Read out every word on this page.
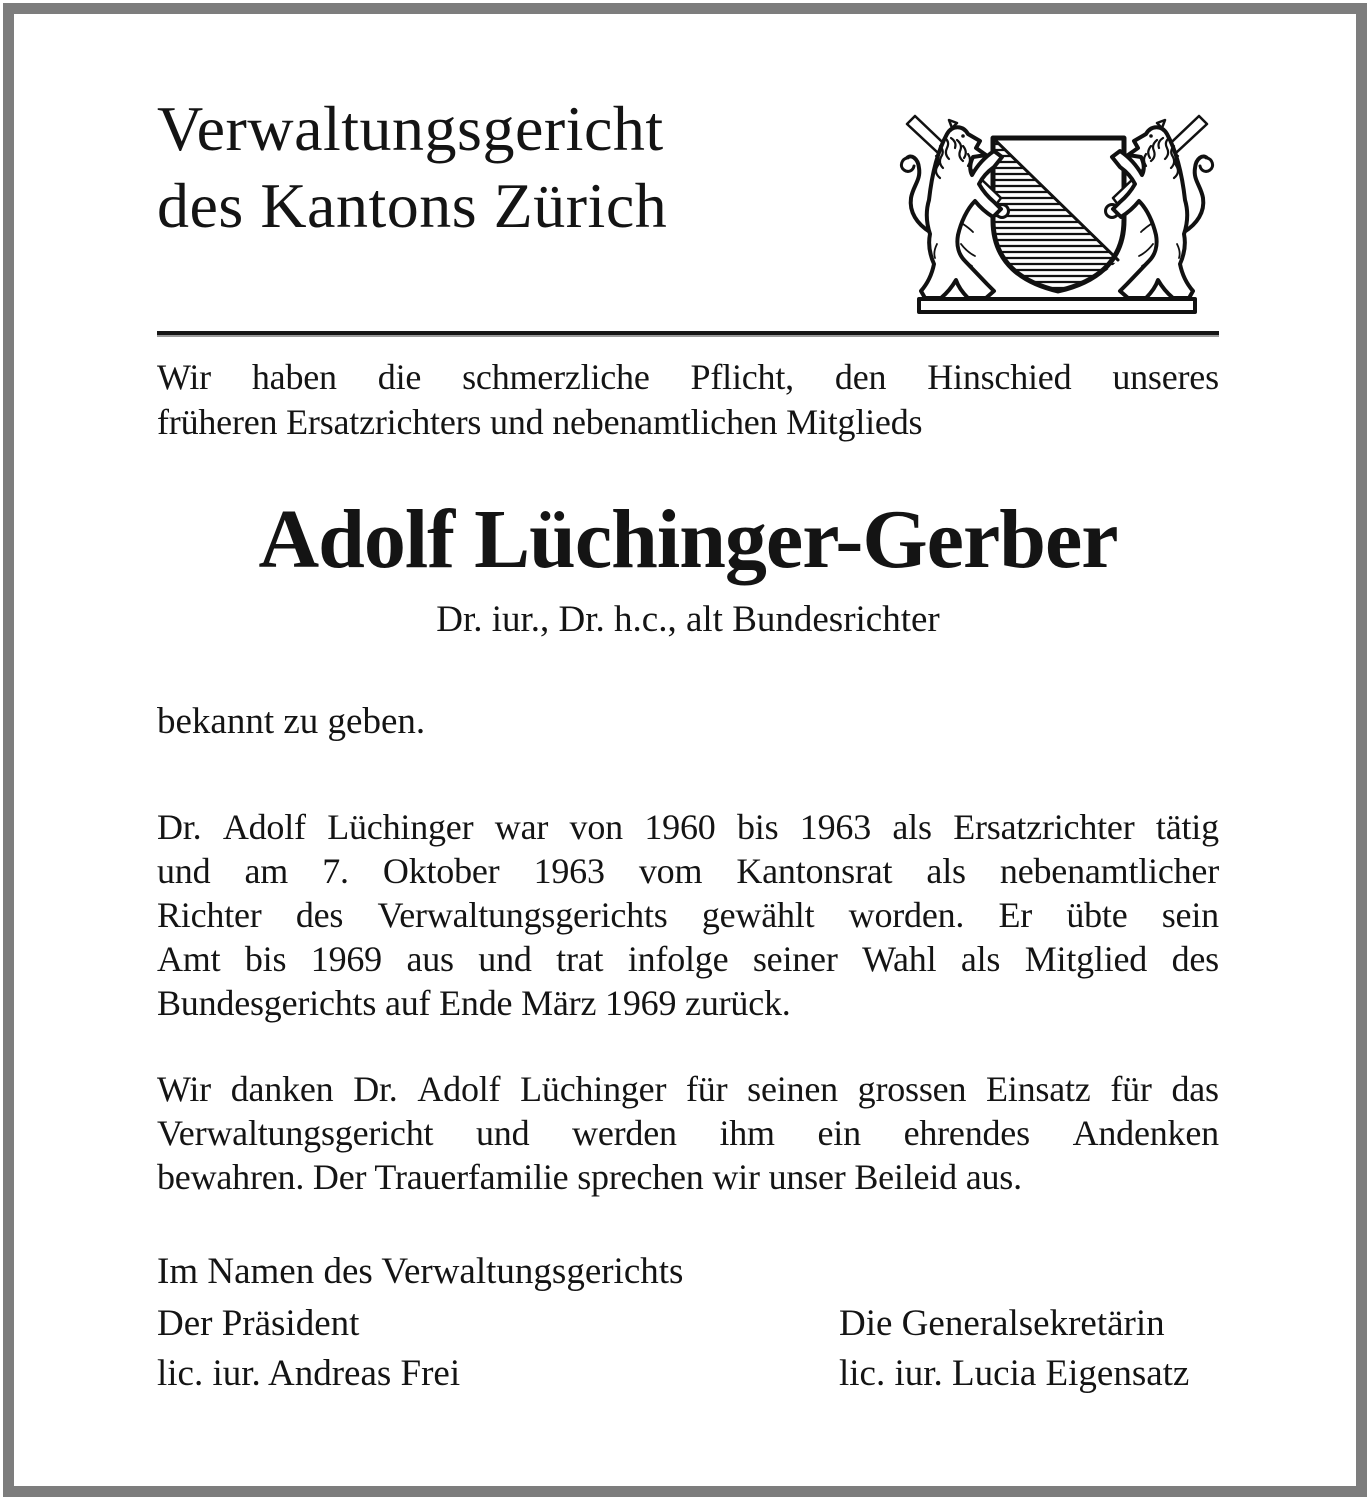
Verwaltungsgericht
des Kantons Zürich
Wir haben die schmerzliche Pflicht, den Hinschied unseres
früheren Ersatzrichters und nebenamtlichen Mitglieds
Adolf Lüchinger-Gerber
Dr. iur., Dr. h.c., alt Bundesrichter
bekannt zu geben.
Dr. Adolf Lüchinger war von 1960 bis 1963 als Ersatzrichter tätig
und am 7. Oktober 1963 vom Kantonsrat als nebenamtlicher
Richter des Verwaltungsgerichts gewählt worden. Er übte sein
Amt bis 1969 aus und trat infolge seiner Wahl als Mitglied des
Bundesgerichts auf Ende März 1969 zurück.
Wir danken Dr. Adolf Lüchinger für seinen grossen Einsatz für das
Verwaltungsgericht und werden ihm ein ehrendes Andenken
bewahren. Der Trauerfamilie sprechen wir unser Beileid aus.
Im Namen des Verwaltungsgerichts
Der Präsident	Die Generalsekretärin
lic. iur. Andreas Frei	lic. iur. Lucia Eigensatz
